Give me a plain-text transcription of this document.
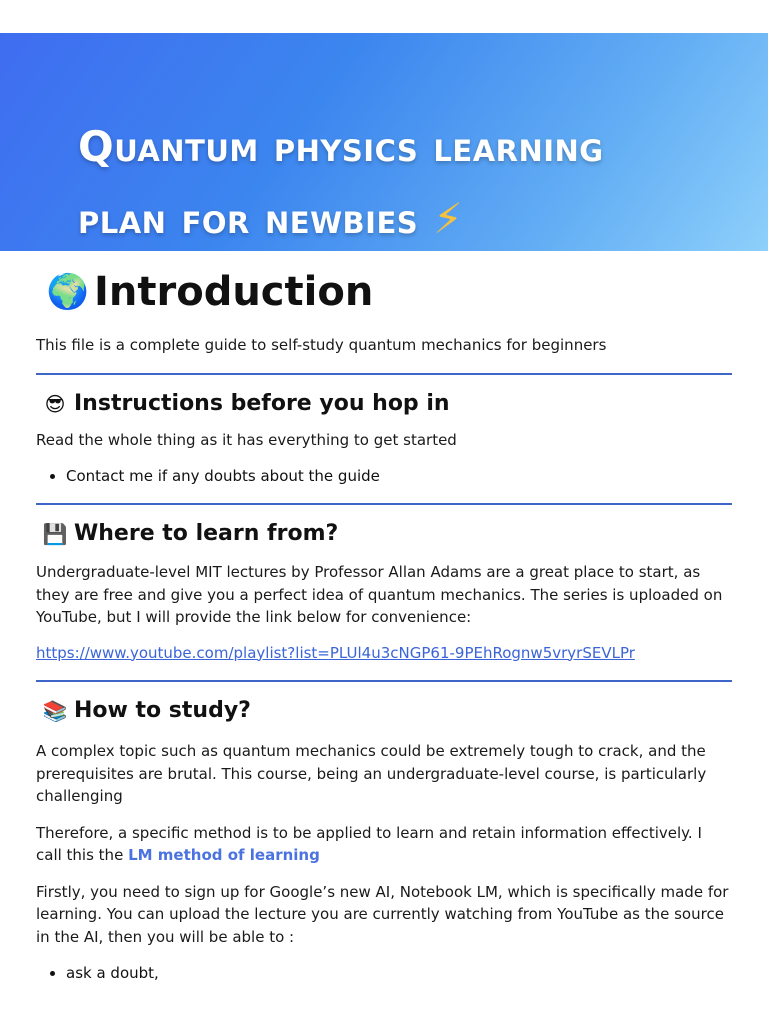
Quantum physics learning
plan for newbies ⚡
🌍 Introduction

This file is a complete guide to self-study quantum mechanics for beginners

😎 Instructions before you hop in

Read the whole thing as it has everything to get started

• Contact me if any doubts about the guide
💾 Where to learn from?

Undergraduate-level MIT lectures by Professor Allan Adams are a great place to start, as they are free and give you a perfect idea of quantum mechanics. The series is uploaded on YouTube, but I will provide the link below for convenience:

https://www.youtube.com/playlist?list=PLUl4u3cNGP61-9PEhRognw5vryrSEVLPr

📚 How to study?

A complex topic such as quantum mechanics could be extremely tough to crack, and the prerequisites are brutal. This course, being an undergraduate-level course, is particularly challenging

Therefore, a specific method is to be applied to learn and retain information effectively. I call this the LM method of learning

Firstly, you need to sign up for Google’s new AI, Notebook LM, which is specifically made for learning. You can upload the lecture you are currently watching from YouTube as the source in the AI, then you will be able to :

• ask a doubt,
